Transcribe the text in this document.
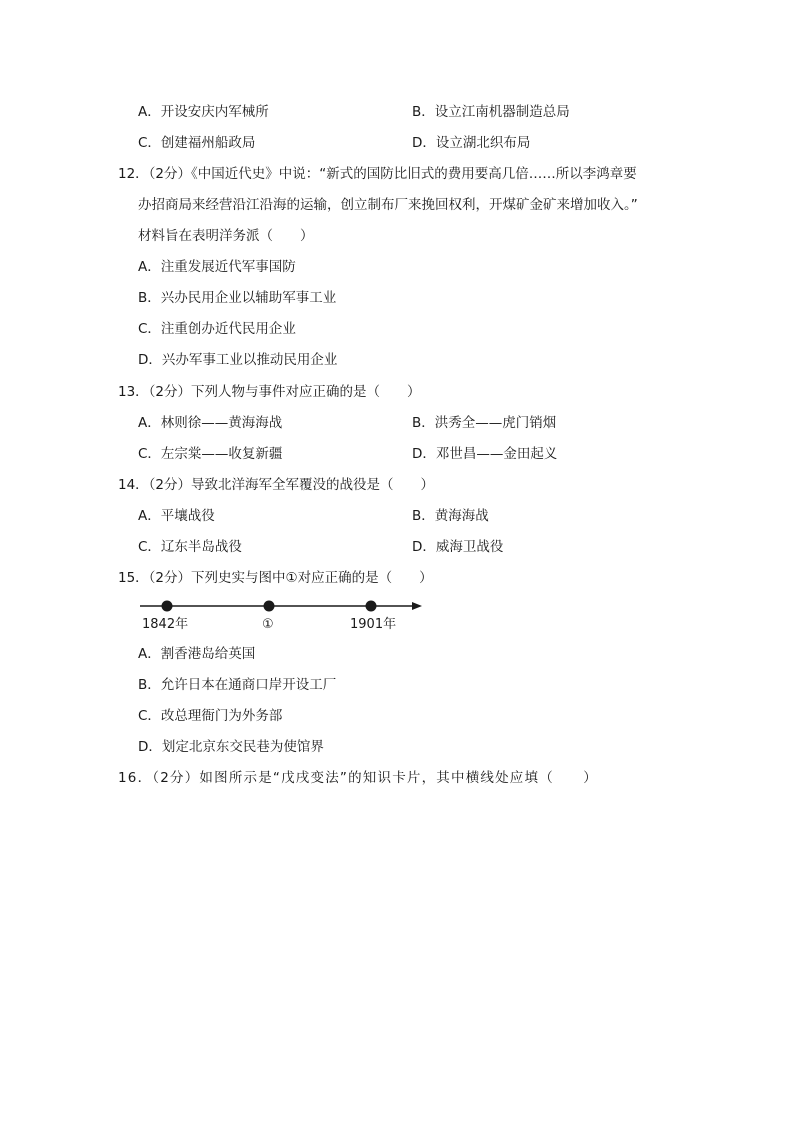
A．开设安庆内军械所	B．设立江南机器制造总局
C．创建福州船政局	D．设立湖北织布局
12．（2分）《中国近代史》中说：“新式的国防比旧式的费用要高几倍……所以李鸿章要
办招商局来经营沿江沿海的运输，创立制布厂来挽回权利，开煤矿金矿来增加收入。”
材料旨在表明洋务派（　　）
A．注重发展近代军事国防
B．兴办民用企业以辅助军事工业
C．注重创办近代民用企业
D．兴办军事工业以推动民用企业
13．（2分）下列人物与事件对应正确的是（　　）
A．林则徐——黄海海战	B．洪秀全——虎门销烟
C．左宗棠——收复新疆	D．邓世昌——金田起义
14．（2分）导致北洋海军全军覆没的战役是（　　）
A．平壤战役	B．黄海海战
C．辽东半岛战役	D．威海卫战役
15．（2分）下列史实与图中①对应正确的是（　　）
1842年	①	1901年
A．割香港岛给英国
B．允许日本在通商口岸开设工厂
C．改总理衙门为外务部
D．划定北京东交民巷为使馆界
16．（2分）如图所示是“戊戌变法”的知识卡片，其中横线处应填（　　）
